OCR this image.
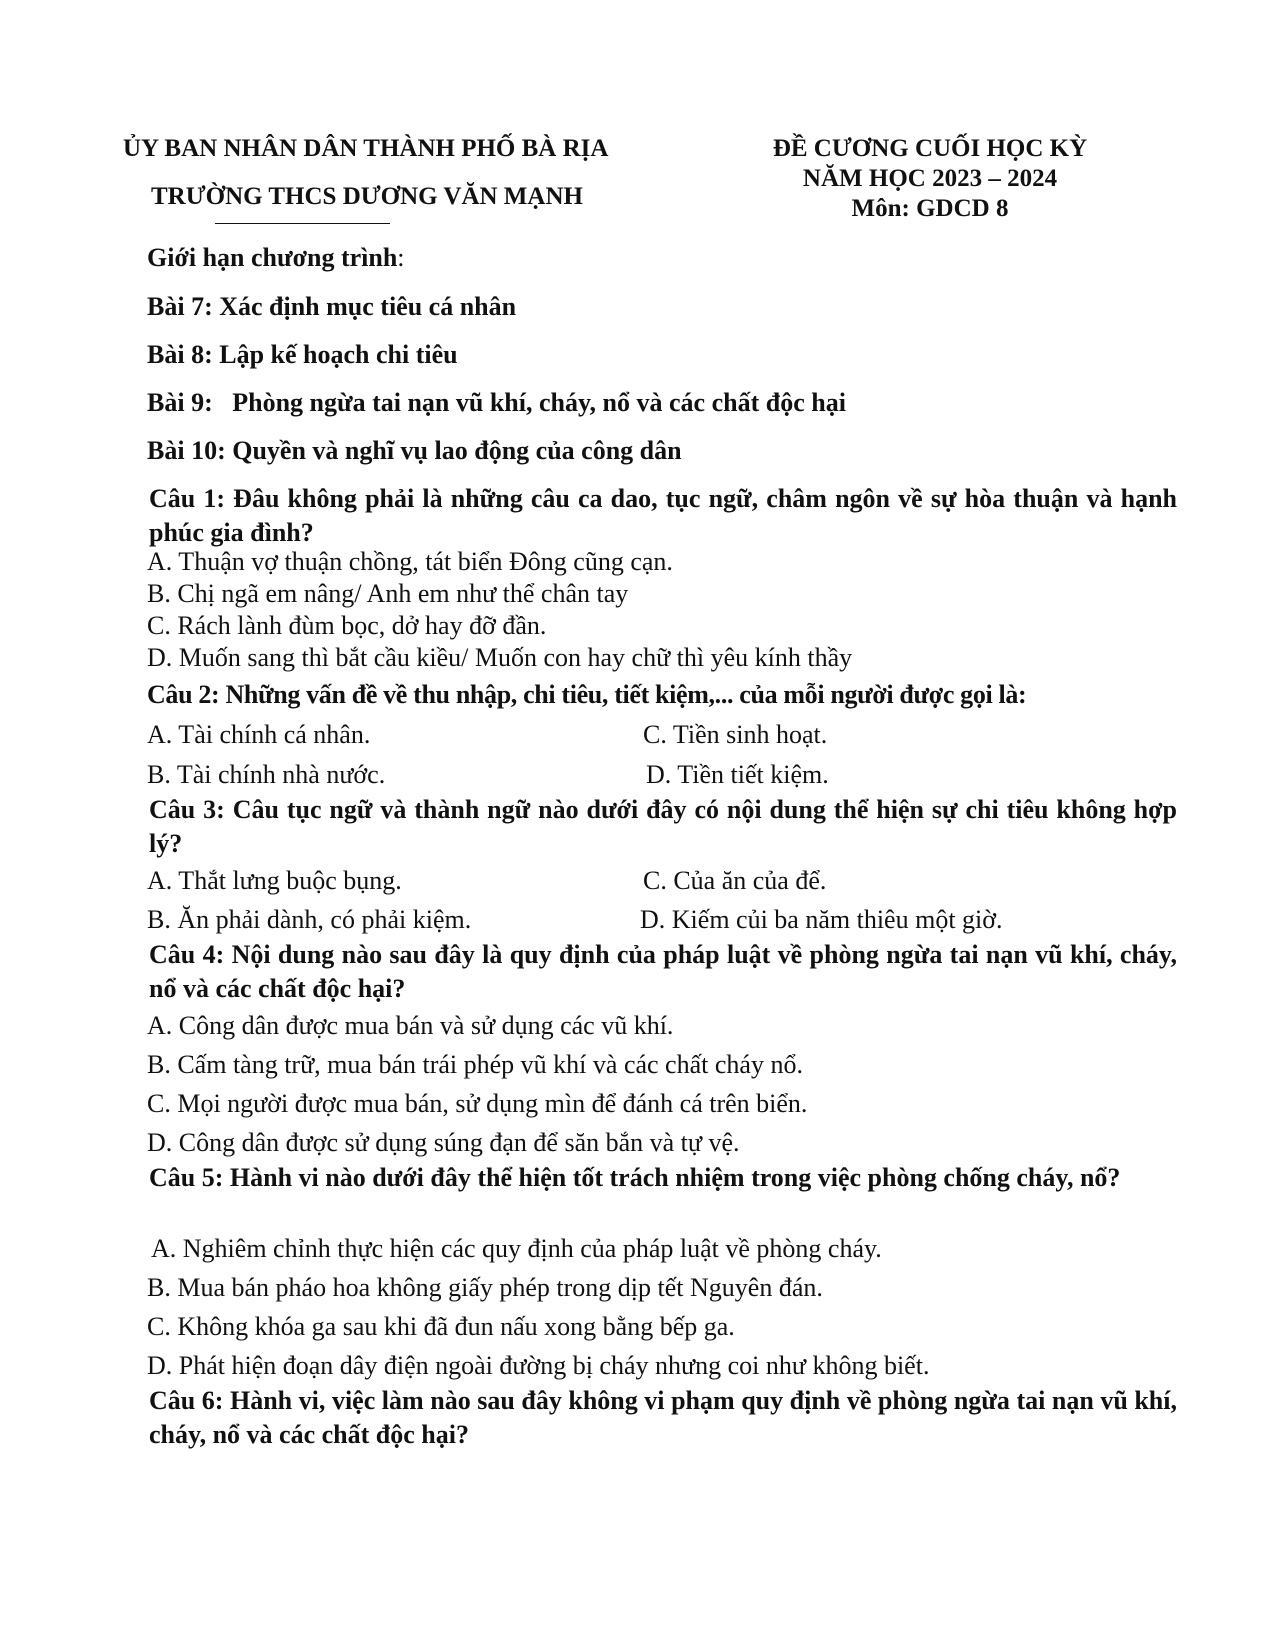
ỦY BAN NHÂN DÂN THÀNH PHỐ BÀ RỊA
TRƯỜNG THCS DƯƠNG VĂN MẠNH
ĐỀ CƯƠNG CUỐI HỌC KỲ
NĂM HỌC 2023 – 2024
Môn: GDCD 8
Giới hạn chương trình:
Bài 7: Xác định mục tiêu cá nhân
Bài 8: Lập kế hoạch chi tiêu
Bài 9:   Phòng ngừa tai nạn vũ khí, cháy, nổ và các chất độc hại
Bài 10: Quyền và nghĩ vụ lao động của công dân
Câu 1: Đâu không phải là những câu ca dao, tục ngữ, châm ngôn về sự hòa thuận và hạnh phúc gia đình?
A. Thuận vợ thuận chồng, tát biển Đông cũng cạn.
B. Chị ngã em nâng/ Anh em như thể chân tay
C. Rách lành đùm bọc, dở hay đỡ đần.
D. Muốn sang thì bắt cầu kiều/ Muốn con hay chữ thì yêu kính thầy
Câu 2: Những vấn đề về thu nhập, chi tiêu, tiết kiệm,... của mỗi người được gọi là:
A. Tài chính cá nhân.	C. Tiền sinh hoạt.
B. Tài chính nhà nước.	D. Tiền tiết kiệm.
Câu 3: Câu tục ngữ và thành ngữ nào dưới đây có nội dung thể hiện sự chi tiêu không hợp lý?
A. Thắt lưng buộc bụng.	C. Của ăn của để.
B. Ăn phải dành, có phải kiệm.	D. Kiếm củi ba năm thiêu một giờ.
Câu 4: Nội dung nào sau đây là quy định của pháp luật về phòng ngừa tai nạn vũ khí, cháy, nổ và các chất độc hại?
A. Công dân được mua bán và sử dụng các vũ khí.
B. Cấm tàng trữ, mua bán trái phép vũ khí và các chất cháy nổ.
C. Mọi người được mua bán, sử dụng mìn để đánh cá trên biển.
D. Công dân được sử dụng súng đạn để săn bắn và tự vệ.
Câu 5: Hành vi nào dưới đây thể hiện tốt trách nhiệm trong việc phòng chống cháy, nổ?
A. Nghiêm chỉnh thực hiện các quy định của pháp luật về phòng cháy.
B. Mua bán pháo hoa không giấy phép trong dịp tết Nguyên đán.
C. Không khóa ga sau khi đã đun nấu xong bằng bếp ga.
D. Phát hiện đoạn dây điện ngoài đường bị cháy nhưng coi như không biết.
Câu 6: Hành vi, việc làm nào sau đây không vi phạm quy định về phòng ngừa tai nạn vũ khí, cháy, nổ và các chất độc hại?
